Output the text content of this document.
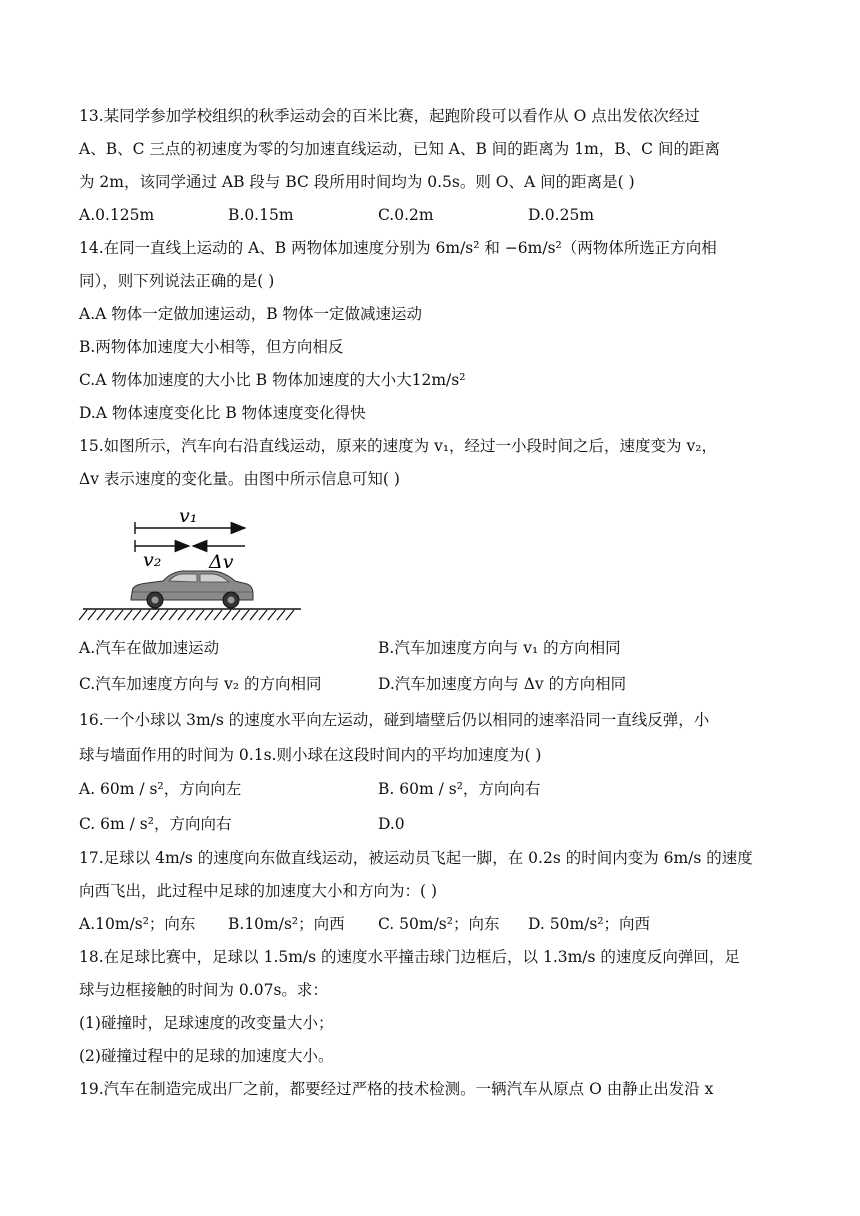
13.某同学参加学校组织的秋季运动会的百米比赛，起跑阶段可以看作从 O 点出发依次经过
A、B、C 三点的初速度为零的匀加速直线运动，已知 A、B 间的距离为 1m，B、C 间的距离
为 2m，该同学通过 AB 段与 BC 段所用时间均为 0.5s。则 O、A 间的距离是( )
A.0.125m	B.0.15m	C.0.2m	D.0.25m
14.在同一直线上运动的 A、B 两物体加速度分别为 6m/s² 和 −6m/s²（两物体所选正方向相
同），则下列说法正确的是( )
A.A 物体一定做加速运动，B 物体一定做减速运动
B.两物体加速度大小相等，但方向相反
C.A 物体加速度的大小比 B 物体加速度的大小大12m/s²
D.A 物体速度变化比 B 物体速度变化得快
15.如图所示，汽车向右沿直线运动，原来的速度为 v₁，经过一小段时间之后，速度变为 v₂，
Δv 表示速度的变化量。由图中所示信息可知( )
v₁
v₂	Δv
A.汽车在做加速运动	B.汽车加速度方向与 v₁ 的方向相同
C.汽车加速度方向与 v₂ 的方向相同	D.汽车加速度方向与 Δv 的方向相同
16.一个小球以 3m/s 的速度水平向左运动，碰到墙壁后仍以相同的速率沿同一直线反弹，小
球与墙面作用的时间为 0.1s.则小球在这段时间内的平均加速度为( )
A. 60m / s²，方向向左	B. 60m / s²，方向向右
C. 6m / s²，方向向右	D.0
17.足球以 4m/s 的速度向东做直线运动，被运动员飞起一脚，在 0.2s 的时间内变为 6m/s 的速度
向西飞出，此过程中足球的加速度大小和方向为：( )
A.10m/s²；向东 B.10m/s²；向西 C. 50m/s²；向东 D. 50m/s²；向西
18.在足球比赛中，足球以 1.5m/s 的速度水平撞击球门边框后，以 1.3m/s 的速度反向弹回，足
球与边框接触的时间为 0.07s。求：
(1)碰撞时，足球速度的改变量大小；
(2)碰撞过程中的足球的加速度大小。
19.汽车在制造完成出厂之前，都要经过严格的技术检测。一辆汽车从原点 O 由静止出发沿 x
